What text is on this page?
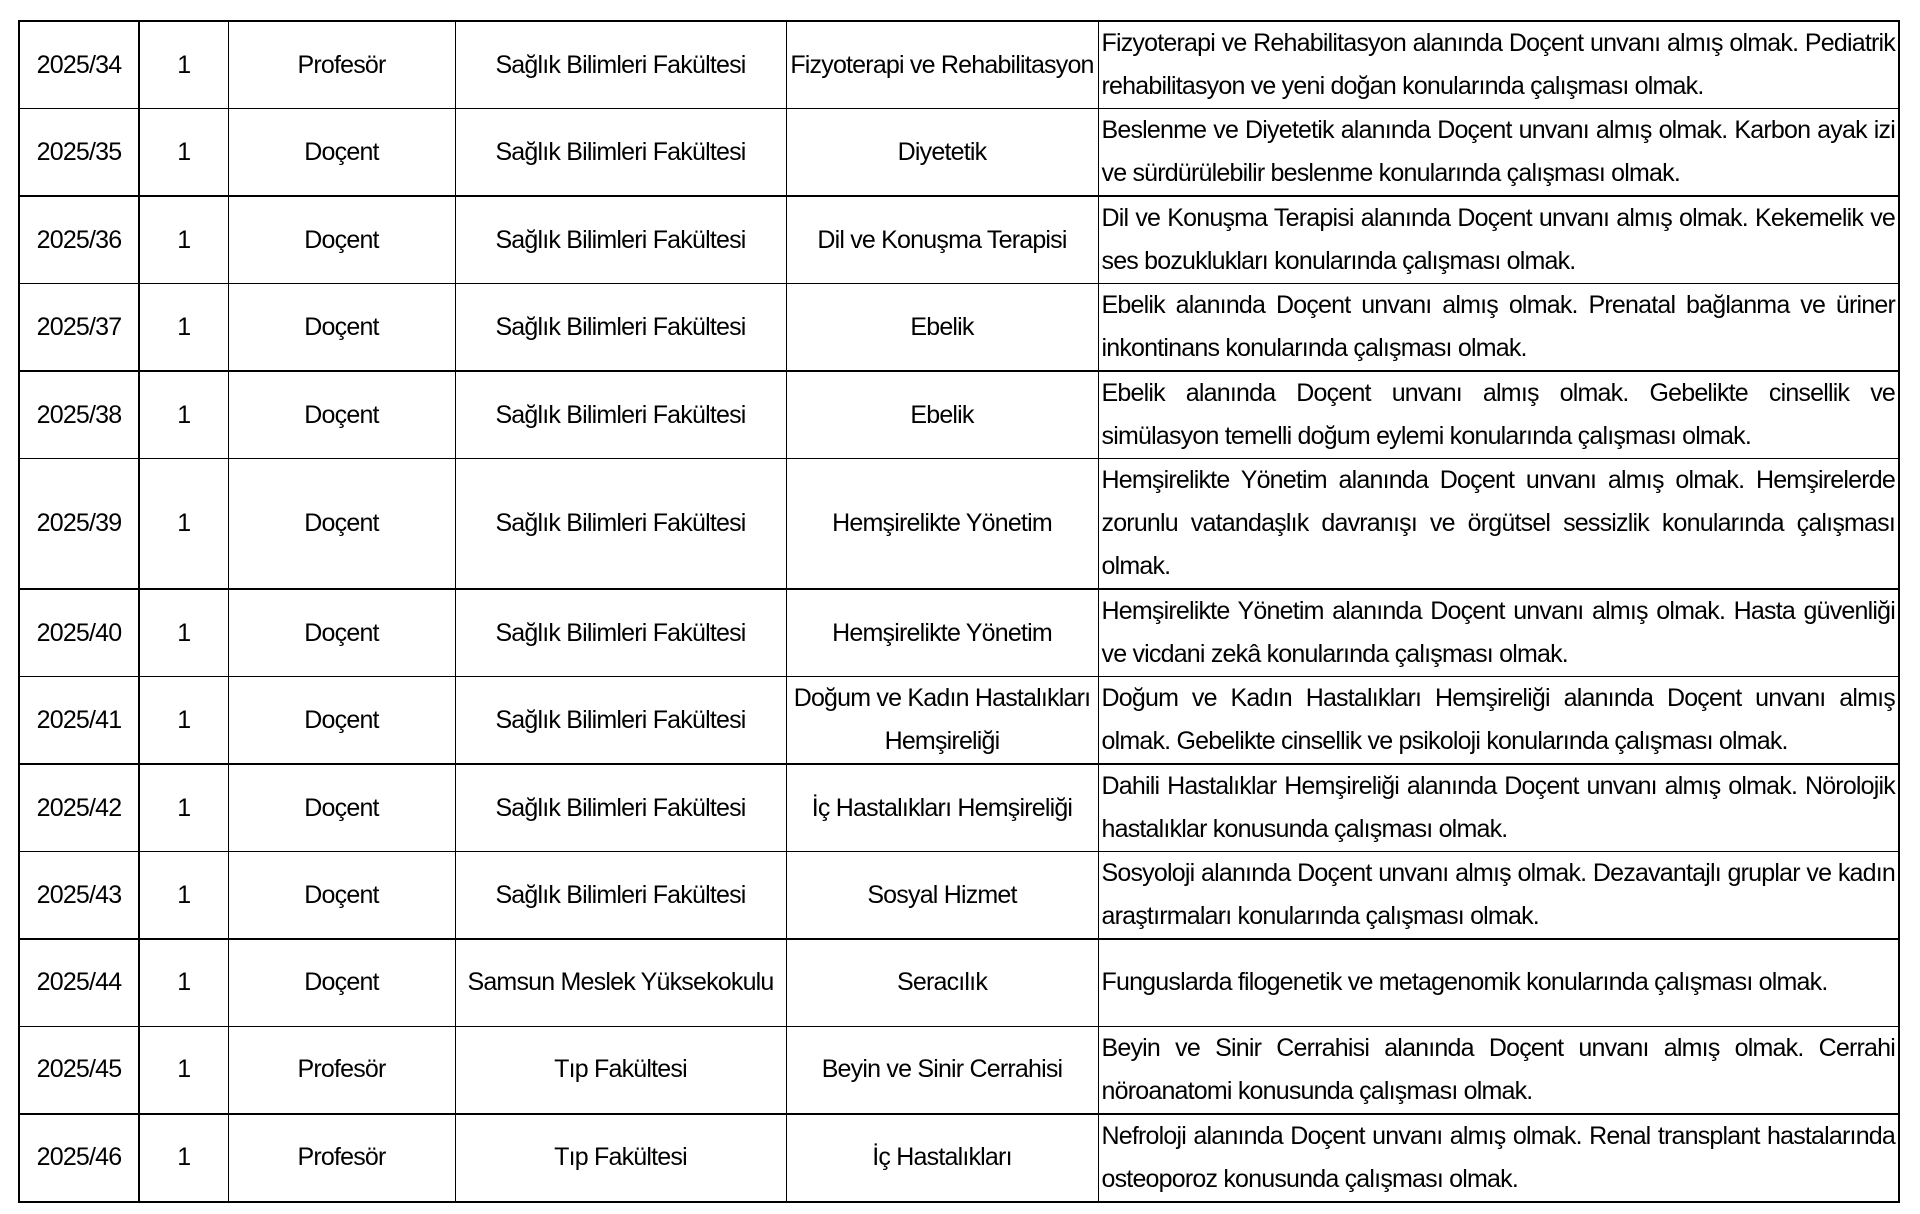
2025/34	1	Profesör	Sağlık Bilimleri Fakültesi	Fizyoterapi ve Rehabilitasyon	Fizyoterapi ve Rehabilitasyon alanında Doçent unvanı almış olmak. Pediatrik rehabilitasyon ve yeni doğan konularında çalışması olmak.
2025/35	1	Doçent	Sağlık Bilimleri Fakültesi	Diyetetik	Beslenme ve Diyetetik alanında Doçent unvanı almış olmak. Karbon ayak izi ve sürdürülebilir beslenme konularında çalışması olmak.
2025/36	1	Doçent	Sağlık Bilimleri Fakültesi	Dil ve Konuşma Terapisi	Dil ve Konuşma Terapisi alanında Doçent unvanı almış olmak. Kekemelik ve ses bozuklukları konularında çalışması olmak.
2025/37	1	Doçent	Sağlık Bilimleri Fakültesi	Ebelik	Ebelik alanında Doçent unvanı almış olmak. Prenatal bağlanma ve üriner inkontinans konularında çalışması olmak.
2025/38	1	Doçent	Sağlık Bilimleri Fakültesi	Ebelik	Ebelik alanında Doçent unvanı almış olmak. Gebelikte cinsellik ve simülasyon temelli doğum eylemi konularında çalışması olmak.
2025/39	1	Doçent	Sağlık Bilimleri Fakültesi	Hemşirelikte Yönetim	Hemşirelikte Yönetim alanında Doçent unvanı almış olmak. Hemşirelerde zorunlu vatandaşlık davranışı ve örgütsel sessizlik konularında çalışması olmak.
2025/40	1	Doçent	Sağlık Bilimleri Fakültesi	Hemşirelikte Yönetim	Hemşirelikte Yönetim alanında Doçent unvanı almış olmak. Hasta güvenliği ve vicdani zekâ konularında çalışması olmak.
2025/41	1	Doçent	Sağlık Bilimleri Fakültesi	Doğum ve Kadın Hastalıkları Hemşireliği	Doğum ve Kadın Hastalıkları Hemşireliği alanında Doçent unvanı almış olmak. Gebelikte cinsellik ve psikoloji konularında çalışması olmak.
2025/42	1	Doçent	Sağlık Bilimleri Fakültesi	İç Hastalıkları Hemşireliği	Dahili Hastalıklar Hemşireliği alanında Doçent unvanı almış olmak. Nörolojik hastalıklar konusunda çalışması olmak.
2025/43	1	Doçent	Sağlık Bilimleri Fakültesi	Sosyal Hizmet	Sosyoloji alanında Doçent unvanı almış olmak. Dezavantajlı gruplar ve kadın araştırmaları konularında çalışması olmak.
2025/44	1	Doçent	Samsun Meslek Yüksekokulu	Seracılık	Funguslarda filogenetik ve metagenomik konularında çalışması olmak.
2025/45	1	Profesör	Tıp Fakültesi	Beyin ve Sinir Cerrahisi	Beyin ve Sinir Cerrahisi alanında Doçent unvanı almış olmak. Cerrahi nöroanatomi konusunda çalışması olmak.
2025/46	1	Profesör	Tıp Fakültesi	İç Hastalıkları	Nefroloji alanında Doçent unvanı almış olmak. Renal transplant hastalarında osteoporoz konusunda çalışması olmak.
